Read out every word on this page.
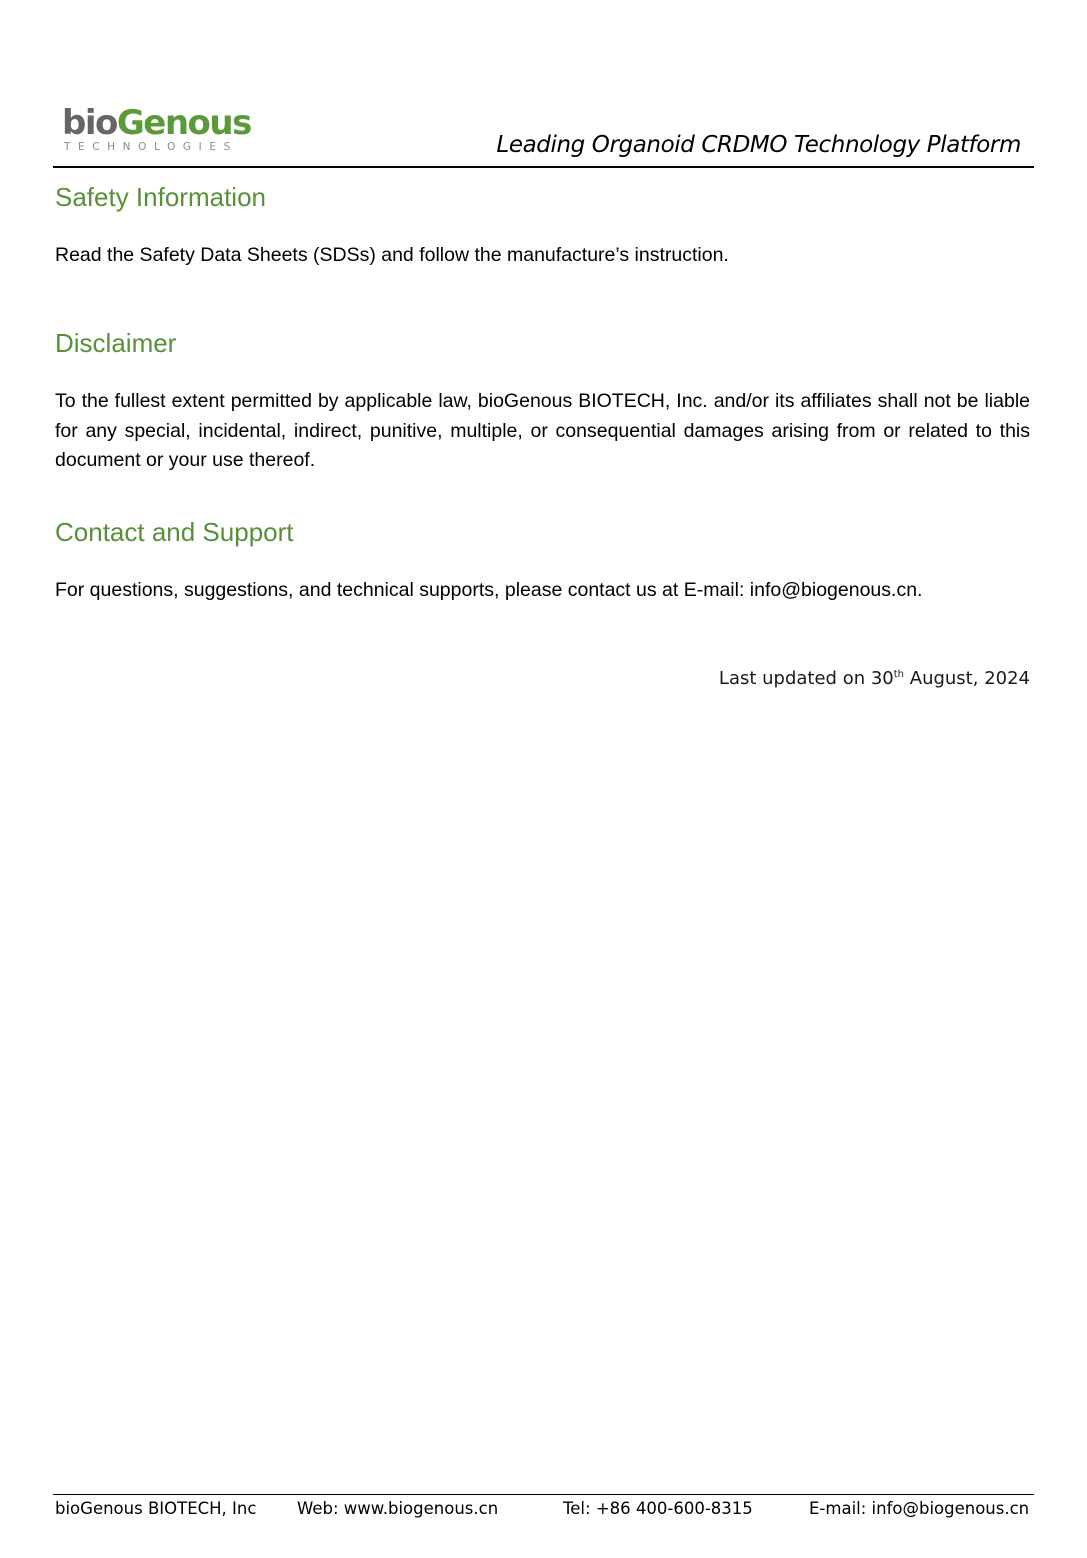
bioGenous
TECHNOLOGIES	Leading Organoid CRDMO Technology Platform
Safety Information

Read the Safety Data Sheets (SDSs) and follow the manufacture’s instruction.

Disclaimer

To the fullest extent permitted by applicable law, bioGenous BIOTECH, Inc. and/or its affiliates shall not be liable for any special, incidental, indirect, punitive, multiple, or consequential damages arising from or related to this document or your use thereof.

Contact and Support

For questions, suggestions, and technical supports, please contact us at E-mail: info@biogenous.cn.

Last updated on 30th August, 2024
bioGenous BIOTECH, Inc Web: www.biogenous.cn	Tel: +86 400-600-8315	E-mail: info@biogenous.cn
